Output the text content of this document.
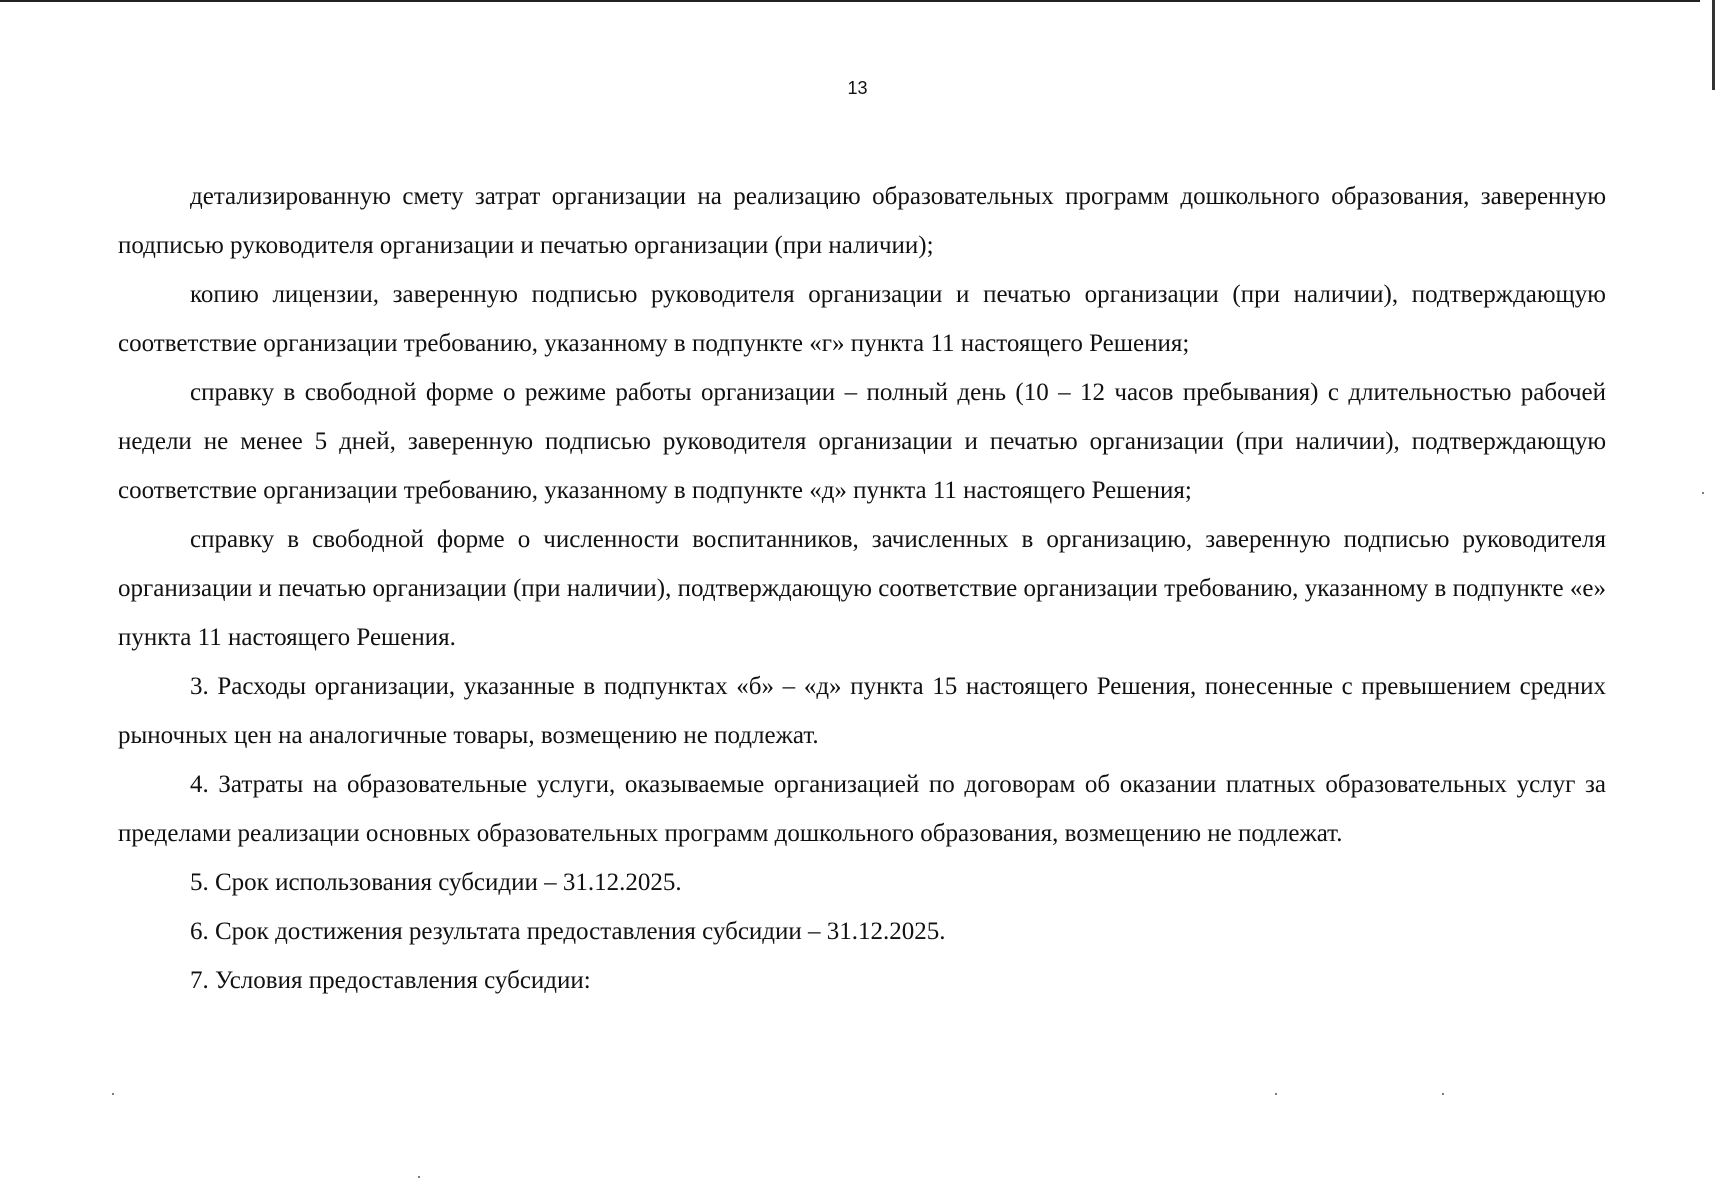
13

детализированную смету затрат организации на реализацию образовательных программ дошкольного образования, заверенную подписью руководителя организации и печатью организации (при наличии);

копию лицензии, заверенную подписью руководителя организации и печатью организации (при наличии), подтверждающую соответствие организации требованию, указанному в подпункте «г» пункта 11 настоящего Решения;

справку в свободной форме о режиме работы организации – полный день (10 – 12 часов пребывания) с длительностью рабочей недели не менее 5 дней, заверенную подписью руководителя организации и печатью организации (при наличии), подтверждающую соответствие организации требованию, указанному в подпункте «д» пункта 11 настоящего Решения;

справку в свободной форме о численности воспитанников, зачисленных в организацию, заверенную подписью руководителя организации и печатью организации (при наличии), подтверждающую соответствие организации требованию, указанному в подпункте «е» пункта 11 настоящего Решения.

3. Расходы организации, указанные в подпунктах «б» – «д» пункта 15 настоящего Решения, понесенные с превышением средних рыночных цен на аналогичные товары, возмещению не подлежат.

4. Затраты на образовательные услуги, оказываемые организацией по договорам об оказании платных образовательных услуг за пределами реализации основных образовательных программ дошкольного образования, возмещению не подлежат.

5. Срок использования субсидии – 31.12.2025.

6. Срок достижения результата предоставления субсидии – 31.12.2025.

7. Условия предоставления субсидии:
